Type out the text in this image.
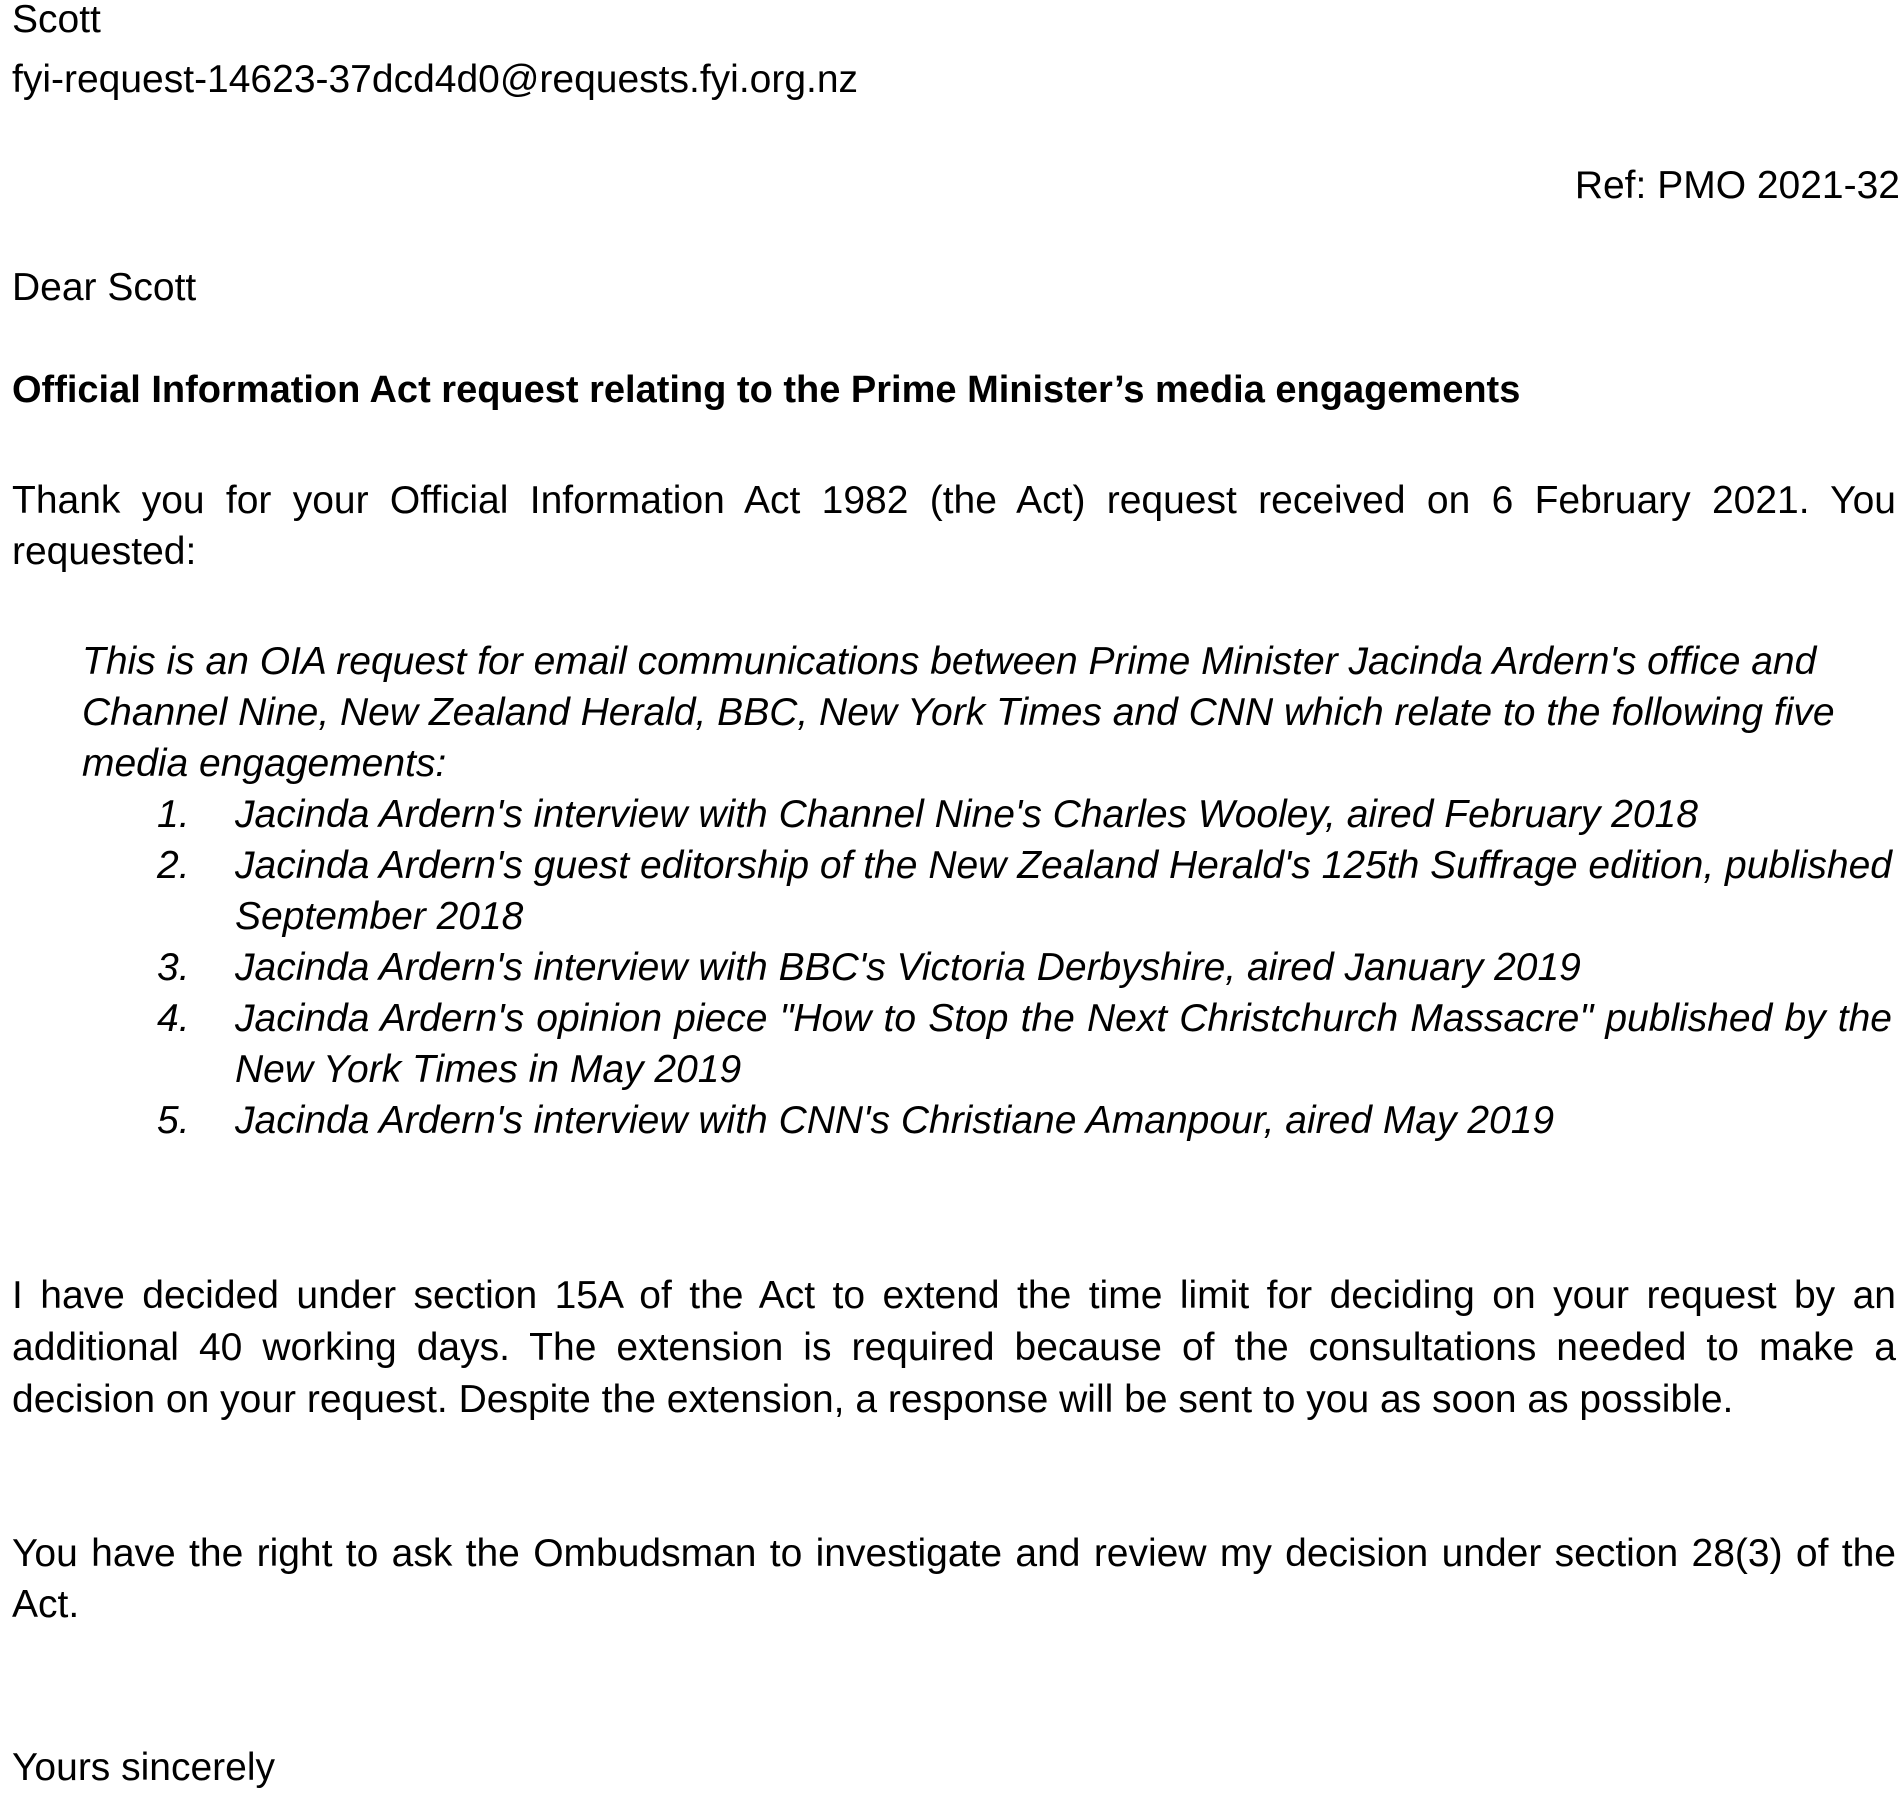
Scott

fyi-request-14623-37dcd4d0@requests.fyi.org.nz

Ref: PMO 2021-32

Dear Scott

Official Information Act request relating to the Prime Minister’s media engagements

Thank you for your Official Information Act 1982 (the Act) request received on 6 February 2021. You requested:

This is an OIA request for email communications between Prime Minister Jacinda Ardern's office and Channel Nine, New Zealand Herald, BBC, New York Times and CNN which relate to the following five media engagements:

1. Jacinda Ardern's interview with Channel Nine's Charles Wooley, aired February 2018
2. Jacinda Ardern's guest editorship of the New Zealand Herald's 125th Suffrage edition, published September 2018
3. Jacinda Ardern's interview with BBC's Victoria Derbyshire, aired January 2019
4. Jacinda Ardern's opinion piece "How to Stop the Next Christchurch Massacre" published by the New York Times in May 2019
5. Jacinda Ardern's interview with CNN's Christiane Amanpour, aired May 2019

I have decided under section 15A of the Act to extend the time limit for deciding on your request by an additional 40 working days. The extension is required because of the consultations needed to make a decision on your request. Despite the extension, a response will be sent to you as soon as possible.

You have the right to ask the Ombudsman to investigate and review my decision under section 28(3) of the Act.

Yours sincerely
